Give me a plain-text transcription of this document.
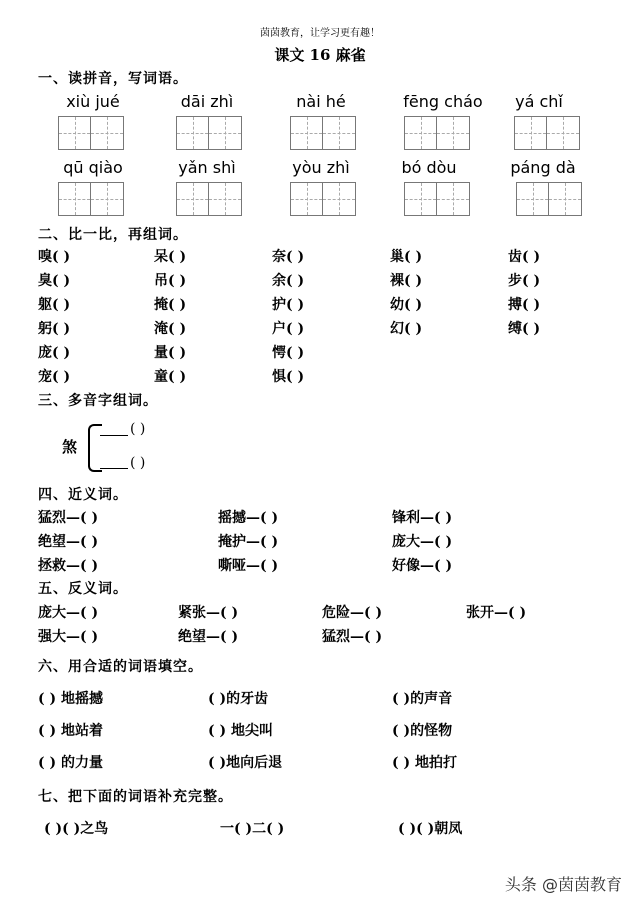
茵茵教育，让学习更有趣！
课文 16 麻雀
一、读拼音，写词语。
xiù jué	dāi zhì	nài hé	fēng cháo	yá chǐ
qū qiào	yǎn shì	yòu zhì	bó dòu	páng dà
二、比一比，再组词。
嗅( )	呆( )	奈( )	巢( )	齿( )
臭( )	吊( )	余( )	裸( )	步( )
躯( )	掩( )	护( )	幼( )	搏( )
躬( )	淹( )	户( )	幻( )	缚( )
庞( )	量( )	愕( )
宠( )	童( )	惧( )
三、多音字组词。
煞
( )
( )
四、近义词。
猛烈—( )	摇撼—( )	锋利—( )
绝望—( )	掩护—( )	庞大—( )
拯救—( )	嘶哑—( )	好像—( )
五、反义词。
庞大—( )	紧张—( )	危险—( )	张开—( )
强大—( )	绝望—( )	猛烈—( )
六、用合适的词语填空。
( ) 地摇撼	( )的牙齿	( )的声音
( ) 地站着	( ) 地尖叫	( )的怪物
( ) 的力量	( )地向后退	( ) 地拍打
七、把下面的词语补充完整。
( )( )之鸟	一( )二( )	( )( )朝凤
头条 @茵茵教育
